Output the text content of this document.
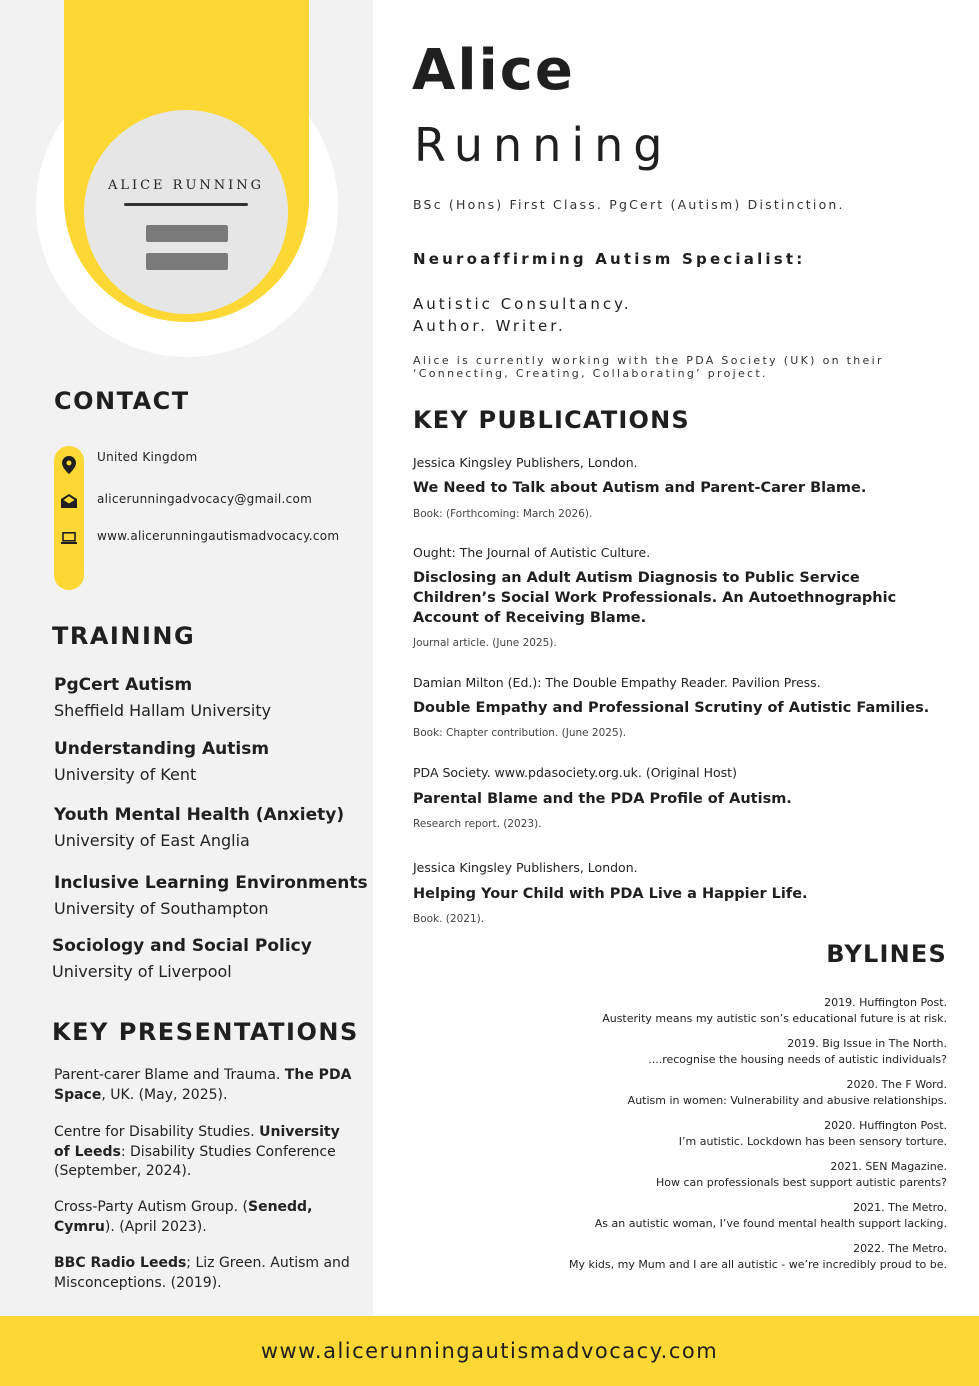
ALICE RUNNING
CONTACT
United Kingdom
alicerunningadvocacy@gmail.com
www.alicerunningautismadvocacy.com
TRAINING
PgCert Autism
Sheffield Hallam University
Understanding Autism
University of Kent
Youth Mental Health (Anxiety)
University of East Anglia
Inclusive Learning Environments
University of Southampton
Sociology and Social Policy
University of Liverpool
KEY PRESENTATIONS
Parent-carer Blame and Trauma. The PDA Space, UK. (May, 2025).
Centre for Disability Studies. University of Leeds: Disability Studies Conference (September, 2024).
Cross-Party Autism Group. (Senedd, Cymru). (April 2023).
BBC Radio Leeds; Liz Green. Autism and Misconceptions. (2019).
Alice
Running
BSc (Hons) First Class. PgCert (Autism) Distinction.
Neuroaffirming Autism Specialist:
Autistic Consultancy.
Author. Writer.
Alice is currently working with the PDA Society (UK) on their ‘Connecting, Creating, Collaborating’ project.
KEY PUBLICATIONS
Jessica Kingsley Publishers, London.
We Need to Talk about Autism and Parent-Carer Blame.
Book: (Forthcoming: March 2026).
Ought: The Journal of Autistic Culture.
Disclosing an Adult Autism Diagnosis to Public Service Children’s Social Work Professionals. An Autoethnographic Account of Receiving Blame.
Journal article. (June 2025).
Damian Milton (Ed.): The Double Empathy Reader. Pavilion Press.
Double Empathy and Professional Scrutiny of Autistic Families.
Book: Chapter contribution. (June 2025).
PDA Society. www.pdasociety.org.uk. (Original Host)
Parental Blame and the PDA Profile of Autism.
Research report. (2023).
Jessica Kingsley Publishers, London.
Helping Your Child with PDA Live a Happier Life.
Book. (2021).
BYLINES
2019. Huffington Post.
Austerity means my autistic son’s educational future is at risk.
2019. Big Issue in The North.
....recognise the housing needs of autistic individuals?
2020. The F Word.
Autism in women: Vulnerability and abusive relationships.
2020. Huffington Post.
I’m autistic. Lockdown has been sensory torture.
2021. SEN Magazine.
How can professionals best support autistic parents?
2021. The Metro.
As an autistic woman, I’ve found mental health support lacking.
2022. The Metro.
My kids, my Mum and I are all autistic - we’re incredibly proud to be.
www.alicerunningautismadvocacy.com
